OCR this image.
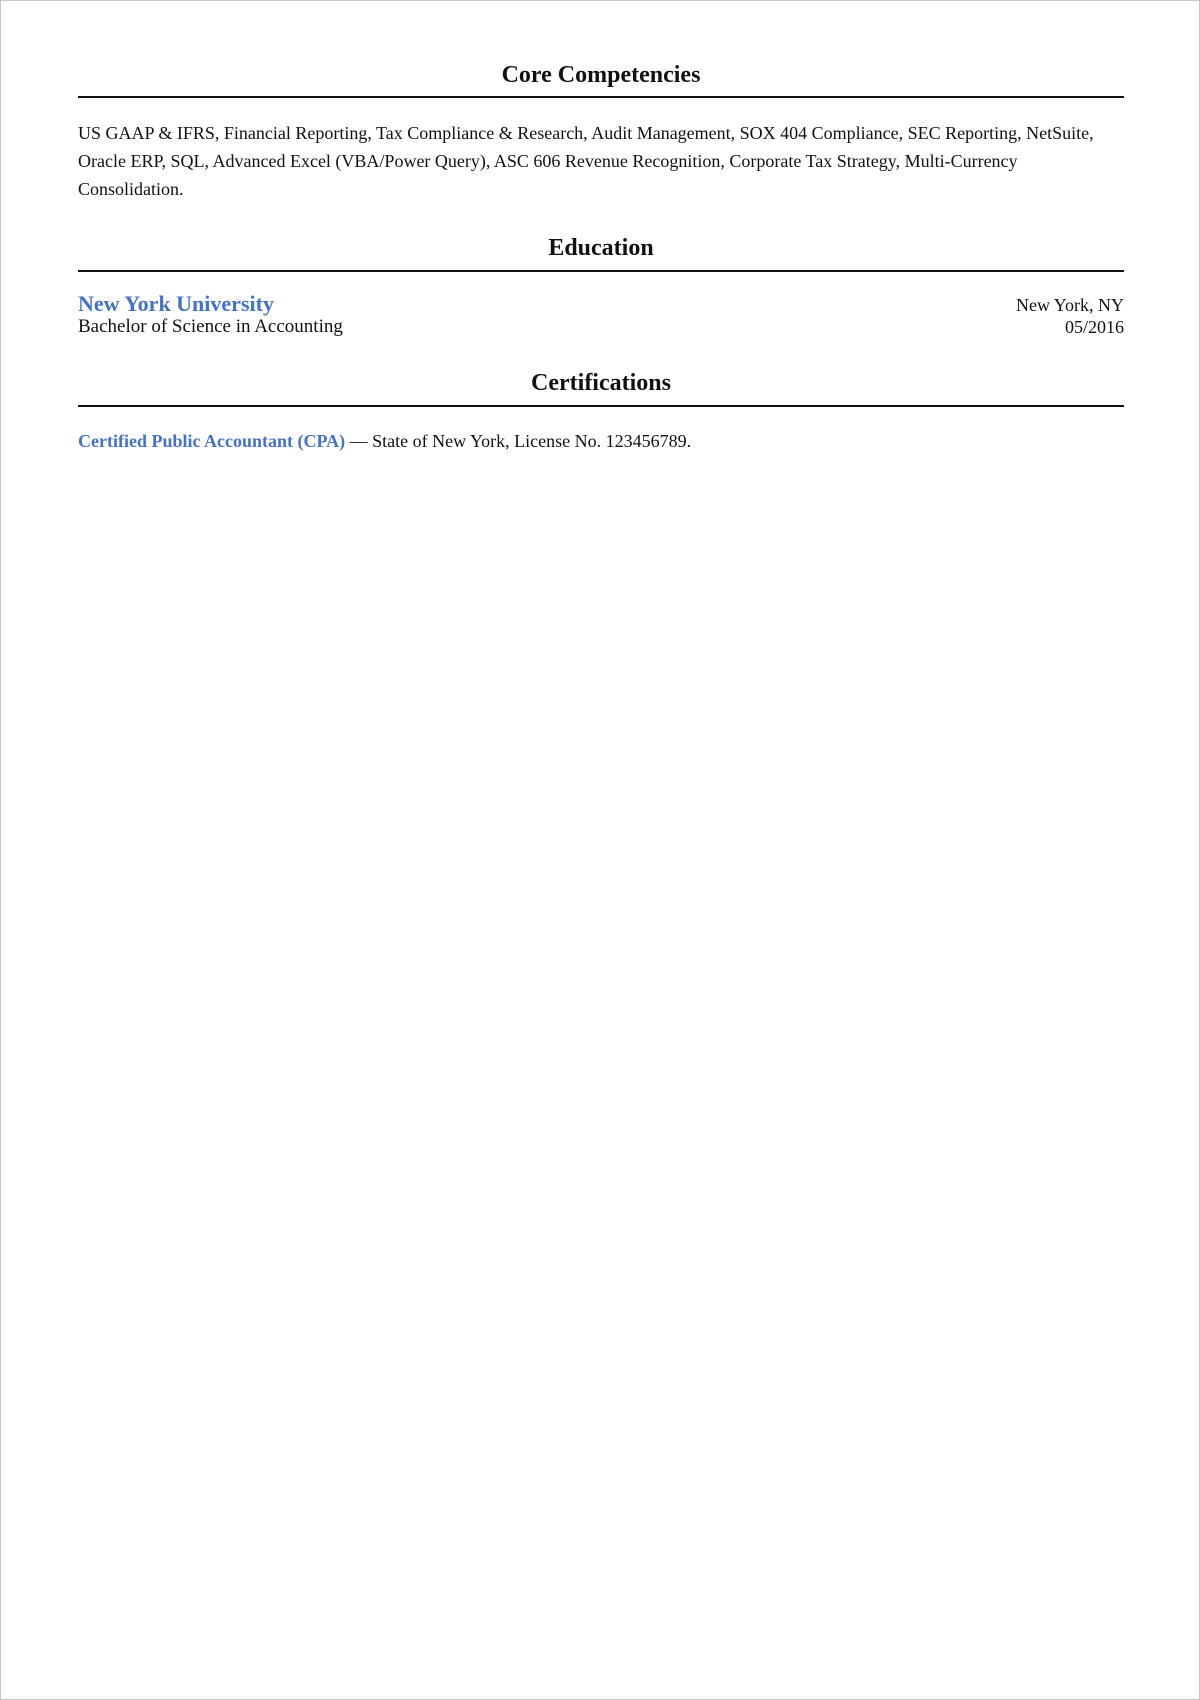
Core Competencies

US GAAP & IFRS, Financial Reporting, Tax Compliance & Research, Audit Management, SOX 404 Compliance, SEC Reporting, NetSuite, Oracle ERP, SQL, Advanced Excel (VBA/Power Query), ASC 606 Revenue Recognition, Corporate Tax Strategy, Multi-Currency Consolidation.

Education
New York University
Bachelor of Science in Accounting
New York, NY
05/2016
Certifications

Certified Public Accountant (CPA) — State of New York, License No. 123456789.
